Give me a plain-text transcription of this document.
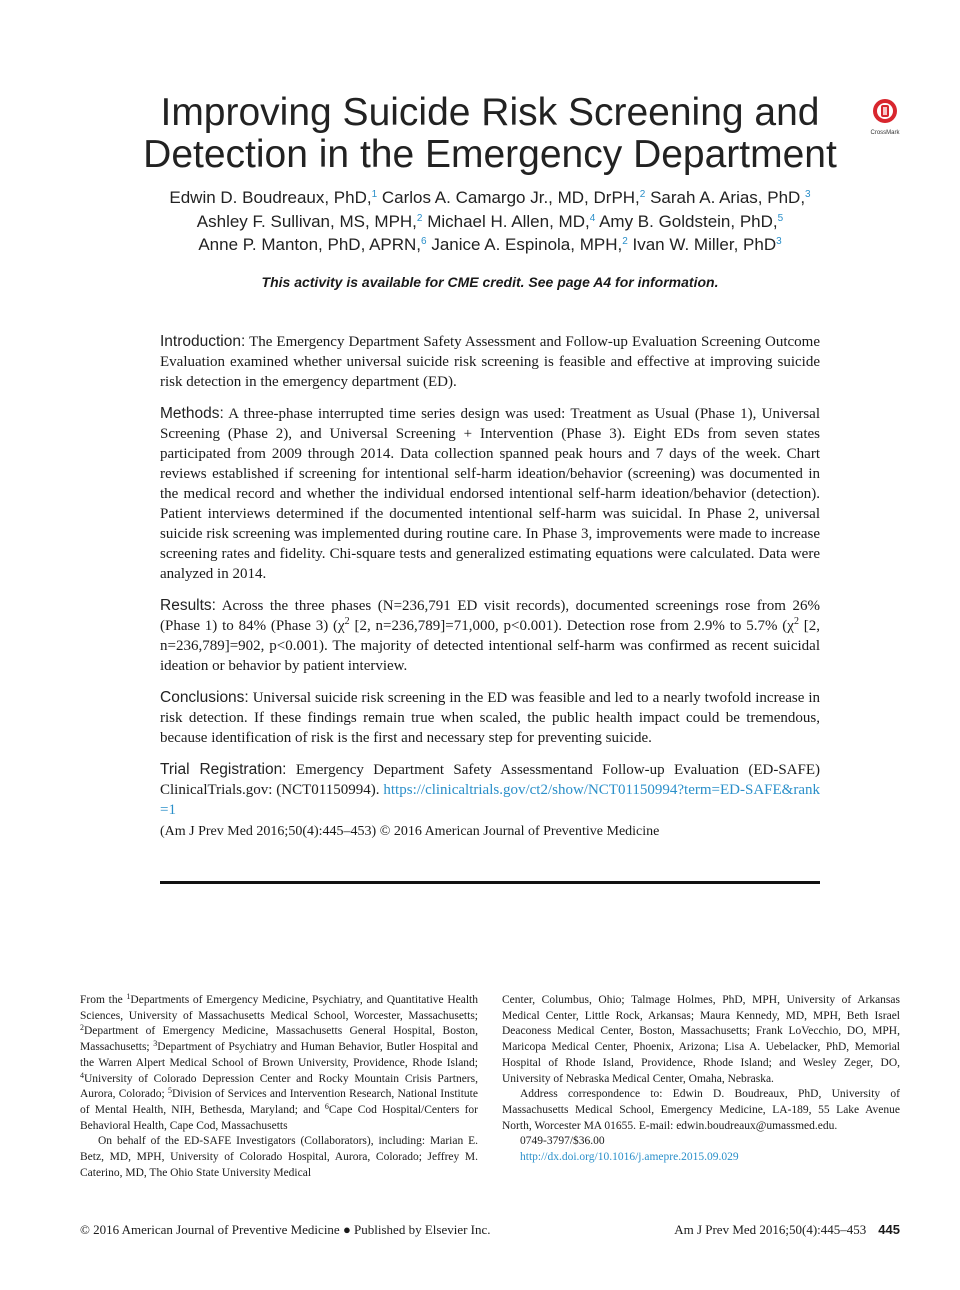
Improving Suicide Risk Screening and
Detection in the Emergency Department	CrossMark
Edwin D. Boudreaux, PhD,$^1$ Carlos A. Camargo Jr., MD, DrPH,$^2$ Sarah A. Arias, PhD,$^3$
Ashley F. Sullivan, MS, MPH,$^2$ Michael H. Allen, MD,$^4$ Amy B. Goldstein, PhD,$^5$
Anne P. Manton, PhD, APRN,$^6$ Janice A. Espinola, MPH,$^2$ Ivan W. Miller, PhD$^3$
This activity is available for CME credit. See page A4 for information.

Introduction: The Emergency Department Safety Assessment and Follow-up Evaluation Screening Outcome Evaluation examined whether universal suicide risk screening is feasible and effective at improving suicide risk detection in the emergency department (ED).

Methods: A three-phase interrupted time series design was used: Treatment as Usual (Phase 1), Universal Screening (Phase 2), and Universal Screening + Intervention (Phase 3). Eight EDs from seven states participated from 2009 through 2014. Data collection spanned peak hours and 7 days of the week. Chart reviews established if screening for intentional self-harm ideation/behavior (screening) was documented in the medical record and whether the individual endorsed intentional self-harm ideation/behavior (detection). Patient interviews determined if the documented intentional self-harm was suicidal. In Phase 2, universal suicide risk screening was implemented during routine care. In Phase 3, improvements were made to increase screening rates and fidelity. Chi-square tests and generalized estimating equations were calculated. Data were analyzed in 2014.

Results: Across the three phases (N=236,791 ED visit records), documented screenings rose from 26% (Phase 1) to 84% (Phase 3) ($\chi^2$ [2, n=236,789]=71,000, p<0.001). Detection rose from 2.9% to 5.7% ($\chi^2$ [2, n=236,789]=902, p<0.001). The majority of detected intentional self-harm was confirmed as recent suicidal ideation or behavior by patient interview.

Conclusions: Universal suicide risk screening in the ED was feasible and led to a nearly twofold increase in risk detection. If these findings remain true when scaled, the public health impact could be tremendous, because identification of risk is the first and necessary step for preventing suicide.

Trial Registration: Emergency Department Safety Assessmentand Follow-up Evaluation (ED-SAFE) ClinicalTrials.gov: (NCT01150994). https://clinicaltrials.gov/ct2/show/NCT01150994?term=ED-SAFE&rank=1

(Am J Prev Med 2016;50(4):445–453) © 2016 American Journal of Preventive Medicine

From the $^1$Departments of Emergency Medicine, Psychiatry, and Quantitative Health Sciences, University of Massachusetts Medical School, Worcester, Massachusetts; $^2$Department of Emergency Medicine, Massachusetts General Hospital, Boston, Massachusetts; $^3$Department of Psychiatry and Human Behavior, Butler Hospital and the Warren Alpert Medical School of Brown University, Providence, Rhode Island; $^4$University of Colorado Depression Center and Rocky Mountain Crisis Partners, Aurora, Colorado; $^5$Division of Services and Intervention Research, National Institute of Mental Health, NIH, Bethesda, Maryland; and $^6$Cape Cod Hospital/Centers for Behavioral Health, Cape Cod, Massachusetts

On behalf of the ED-SAFE Investigators (Collaborators), including: Marian E. Betz, MD, MPH, University of Colorado Hospital, Aurora, Colorado; Jeffrey M. Caterino, MD, The Ohio State University Medical

Center, Columbus, Ohio; Talmage Holmes, PhD, MPH, University of Arkansas Medical Center, Little Rock, Arkansas; Maura Kennedy, MD, MPH, Beth Israel Deaconess Medical Center, Boston, Massachusetts; Frank LoVecchio, DO, MPH, Maricopa Medical Center, Phoenix, Arizona; Lisa A. Uebelacker, PhD, Memorial Hospital of Rhode Island, Providence, Rhode Island; and Wesley Zeger, DO, University of Nebraska Medical Center, Omaha, Nebraska.

Address correspondence to: Edwin D. Boudreaux, PhD, University of Massachusetts Medical School, Emergency Medicine, LA-189, 55 Lake Avenue North, Worcester MA 01655. E-mail: edwin.boudreaux@umassmed.edu.

0749-3797/$36.00

http://dx.doi.org/10.1016/j.amepre.2015.09.029

© 2016 American Journal of Preventive Medicine ● Published by Elsevier Inc.	Am J Prev Med 2016;50(4):445–453 445
